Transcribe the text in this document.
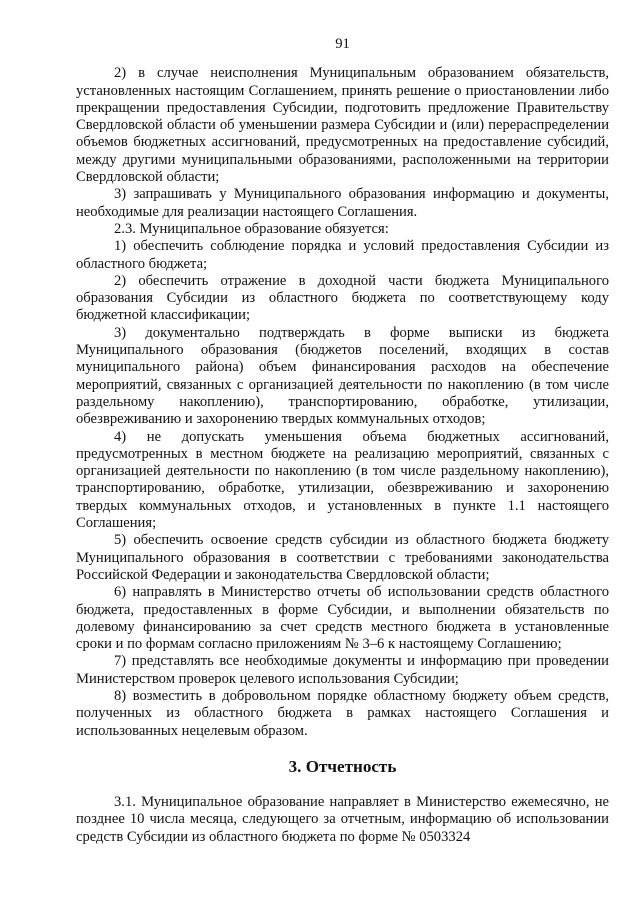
91

2) в случае неисполнения Муниципальным образованием обязательств, установленных настоящим Соглашением, принять решение о приостановлении либо прекращении предоставления Субсидии, подготовить предложение Правительству Свердловской области об уменьшении размера Субсидии и (или) перераспределении объемов бюджетных ассигнований, предусмотренных на предоставление субсидий, между другими муниципальными образованиями, расположенными на территории Свердловской области;

3) запрашивать у Муниципального образования информацию и документы, необходимые для реализации настоящего Соглашения.

2.3. Муниципальное образование обязуется:

1) обеспечить соблюдение порядка и условий предоставления Субсидии из областного бюджета;

2) обеспечить отражение в доходной части бюджета Муниципального образования Субсидии из областного бюджета по соответствующему коду бюджетной классификации;

3) документально подтверждать в форме выписки из бюджета Муниципального образования (бюджетов поселений, входящих в состав муниципального района) объем финансирования расходов на обеспечение мероприятий, связанных с организацией деятельности по накоплению (в том числе раздельному накоплению), транспортированию, обработке, утилизации, обезвреживанию и захоронению твердых коммунальных отходов;

4) не допускать уменьшения объема бюджетных ассигнований, предусмотренных в местном бюджете на реализацию мероприятий, связанных с организацией деятельности по накоплению (в том числе раздельному накоплению), транспортированию, обработке, утилизации, обезвреживанию и захоронению твердых коммунальных отходов, и установленных в пункте 1.1 настоящего Соглашения;

5) обеспечить освоение средств субсидии из областного бюджета бюджету Муниципального образования в соответствии с требованиями законодательства Российской Федерации и законодательства Свердловской области;

6) направлять в Министерство отчеты об использовании средств областного бюджета, предоставленных в форме Субсидии, и выполнении обязательств по долевому финансированию за счет средств местного бюджета в установленные сроки и по формам согласно приложениям № 3–6 к настоящему Соглашению;

7) представлять все необходимые документы и информацию при проведении Министерством проверок целевого использования Субсидии;

8) возместить в добровольном порядке областному бюджету объем средств, полученных из областного бюджета в рамках настоящего Соглашения и использованных нецелевым образом.

3. Отчетность

3.1. Муниципальное образование направляет в Министерство ежемесячно, не позднее 10 числа месяца, следующего за отчетным, информацию об использовании средств Субсидии из областного бюджета по форме № 0503324
